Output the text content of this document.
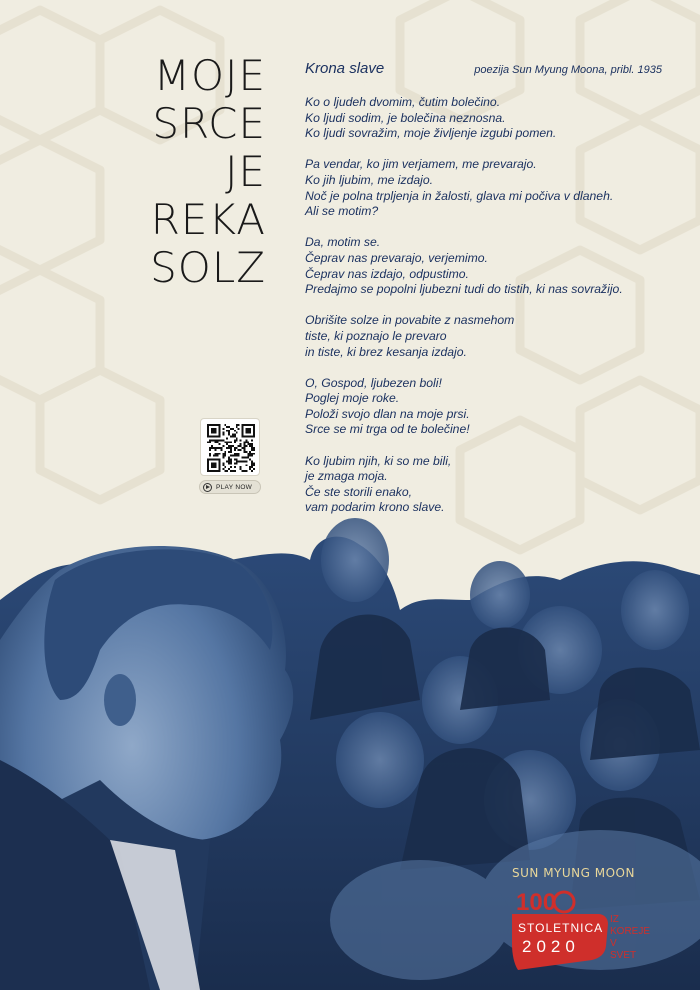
MOJE
SRCE
JE
REKA
SOLZ
Krona slave	poezija Sun Myung Moona, pribl. 1935
Ko o ljudeh dvomim, čutim bolečino.
Ko ljudi sodim, je bolečina neznosna.
Ko ljudi sovražim, moje življenje izgubi pomen.
Pa vendar, ko jim verjamem, me prevarajo.
Ko jih ljubim, me izdajo.
Noč je polna trpljenja in žalosti, glava mi počiva v dlaneh.
Ali se motim?
Da, motim se.
Čeprav nas prevarajo, verjemimo.
Čeprav nas izdajo, odpustimo.
Predajmo se popolni ljubezni tudi do tistih, ki nas sovražijo.
Obrišite solze in povabite z nasmehom
tiste, ki poznajo le prevaro
in tiste, ki brez kesanja izdajo.
O, Gospod, ljubezen boli!
Poglej moje roke.
Položi svojo dlan na moje prsi.
Srce se mi trga od te bolečine!
Ko ljubim njih, ki so me bili,
je zmaga moja.
Če ste storili enako,
vam podarim krono slave.
PLAY NOW
SUN MYUNG MOON
100
STOLETNICA
2020
IZ
KOREJE
V
SVET
